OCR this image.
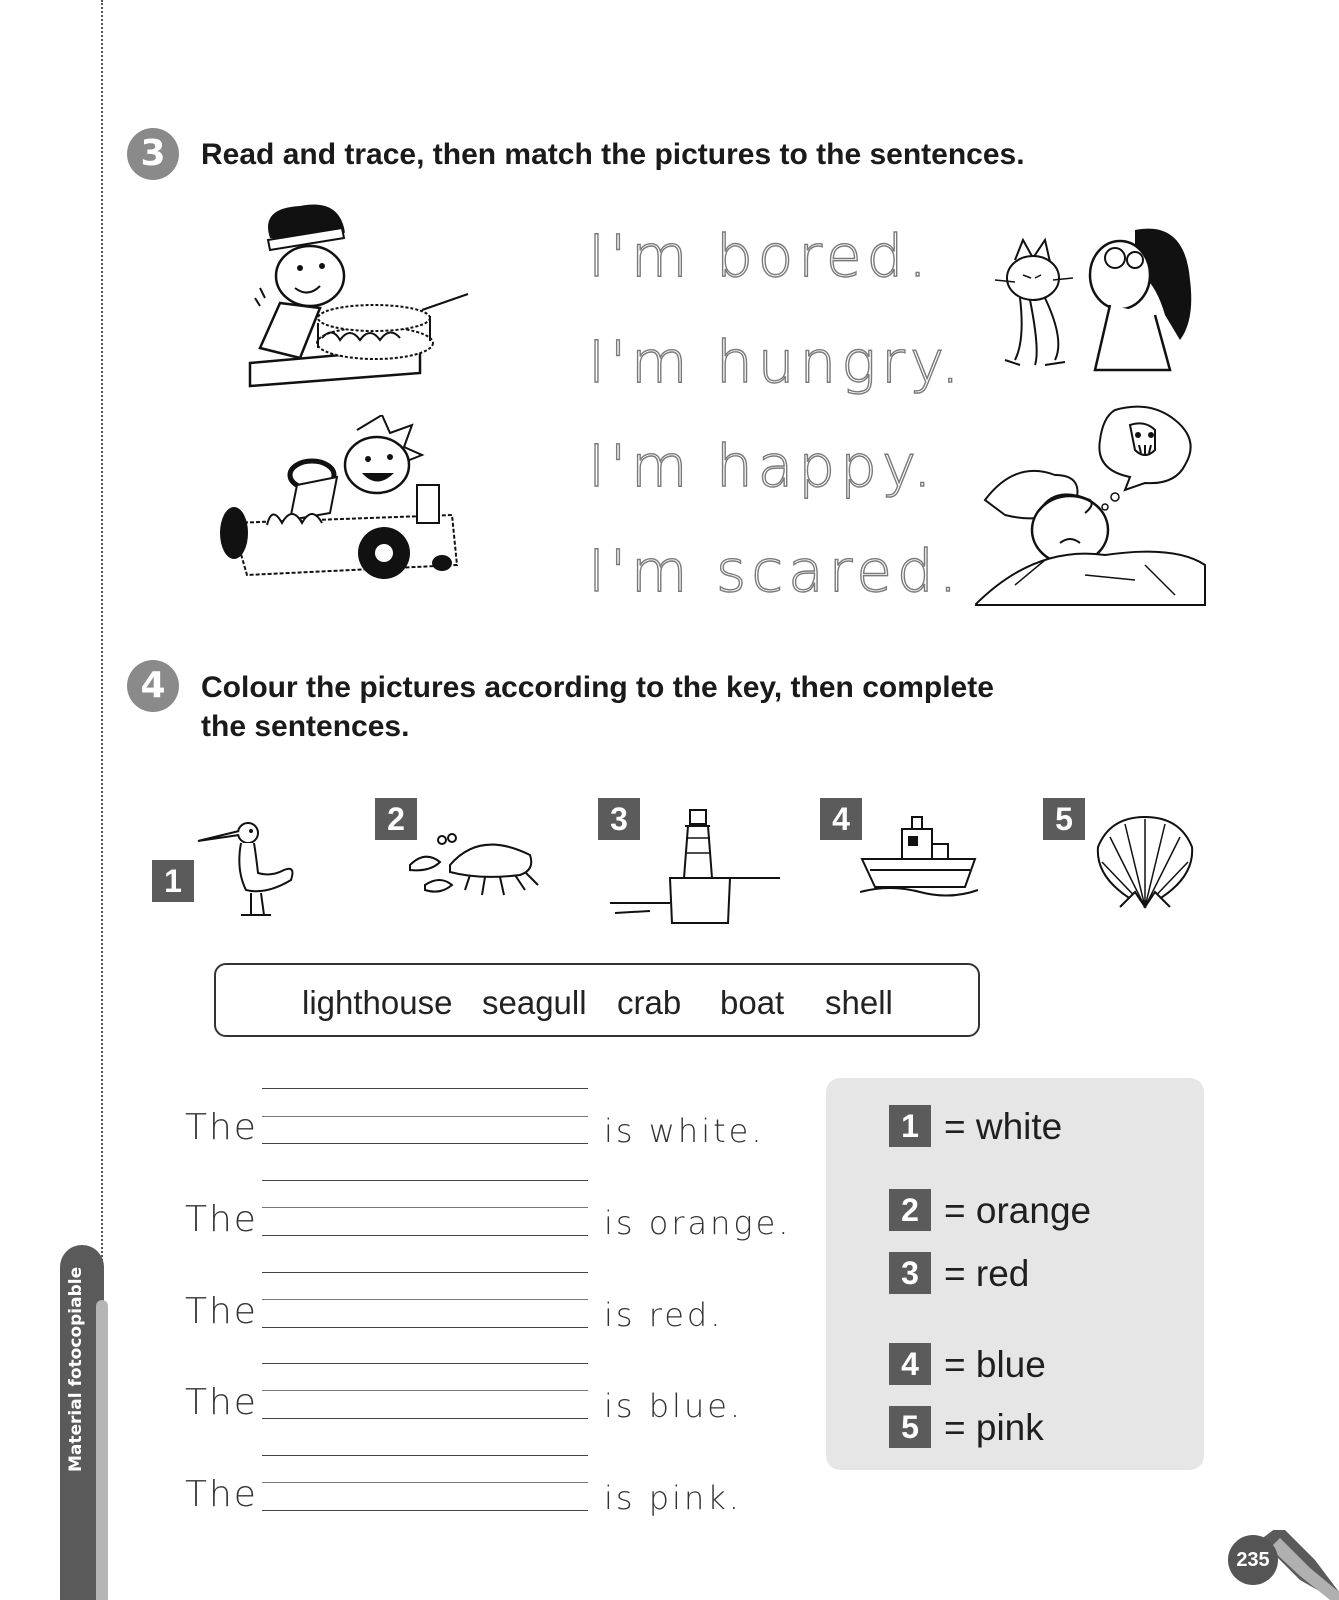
Material fotocopiable
3	Read and trace, then match the pictures to the sentences.
I'm bored.
I'm hungry.
I'm happy.
I'm scared.
4	Colour the pictures according to the key, then complete
the sentences.
1
2	3	4	5
lighthouse seagull crab boat shell
The	is white.
The	is orange.
The	is red.
The	is blue.
The	is pink.
1 = white
2 = orange
3 = red
4 = blue
5 = pink
235
